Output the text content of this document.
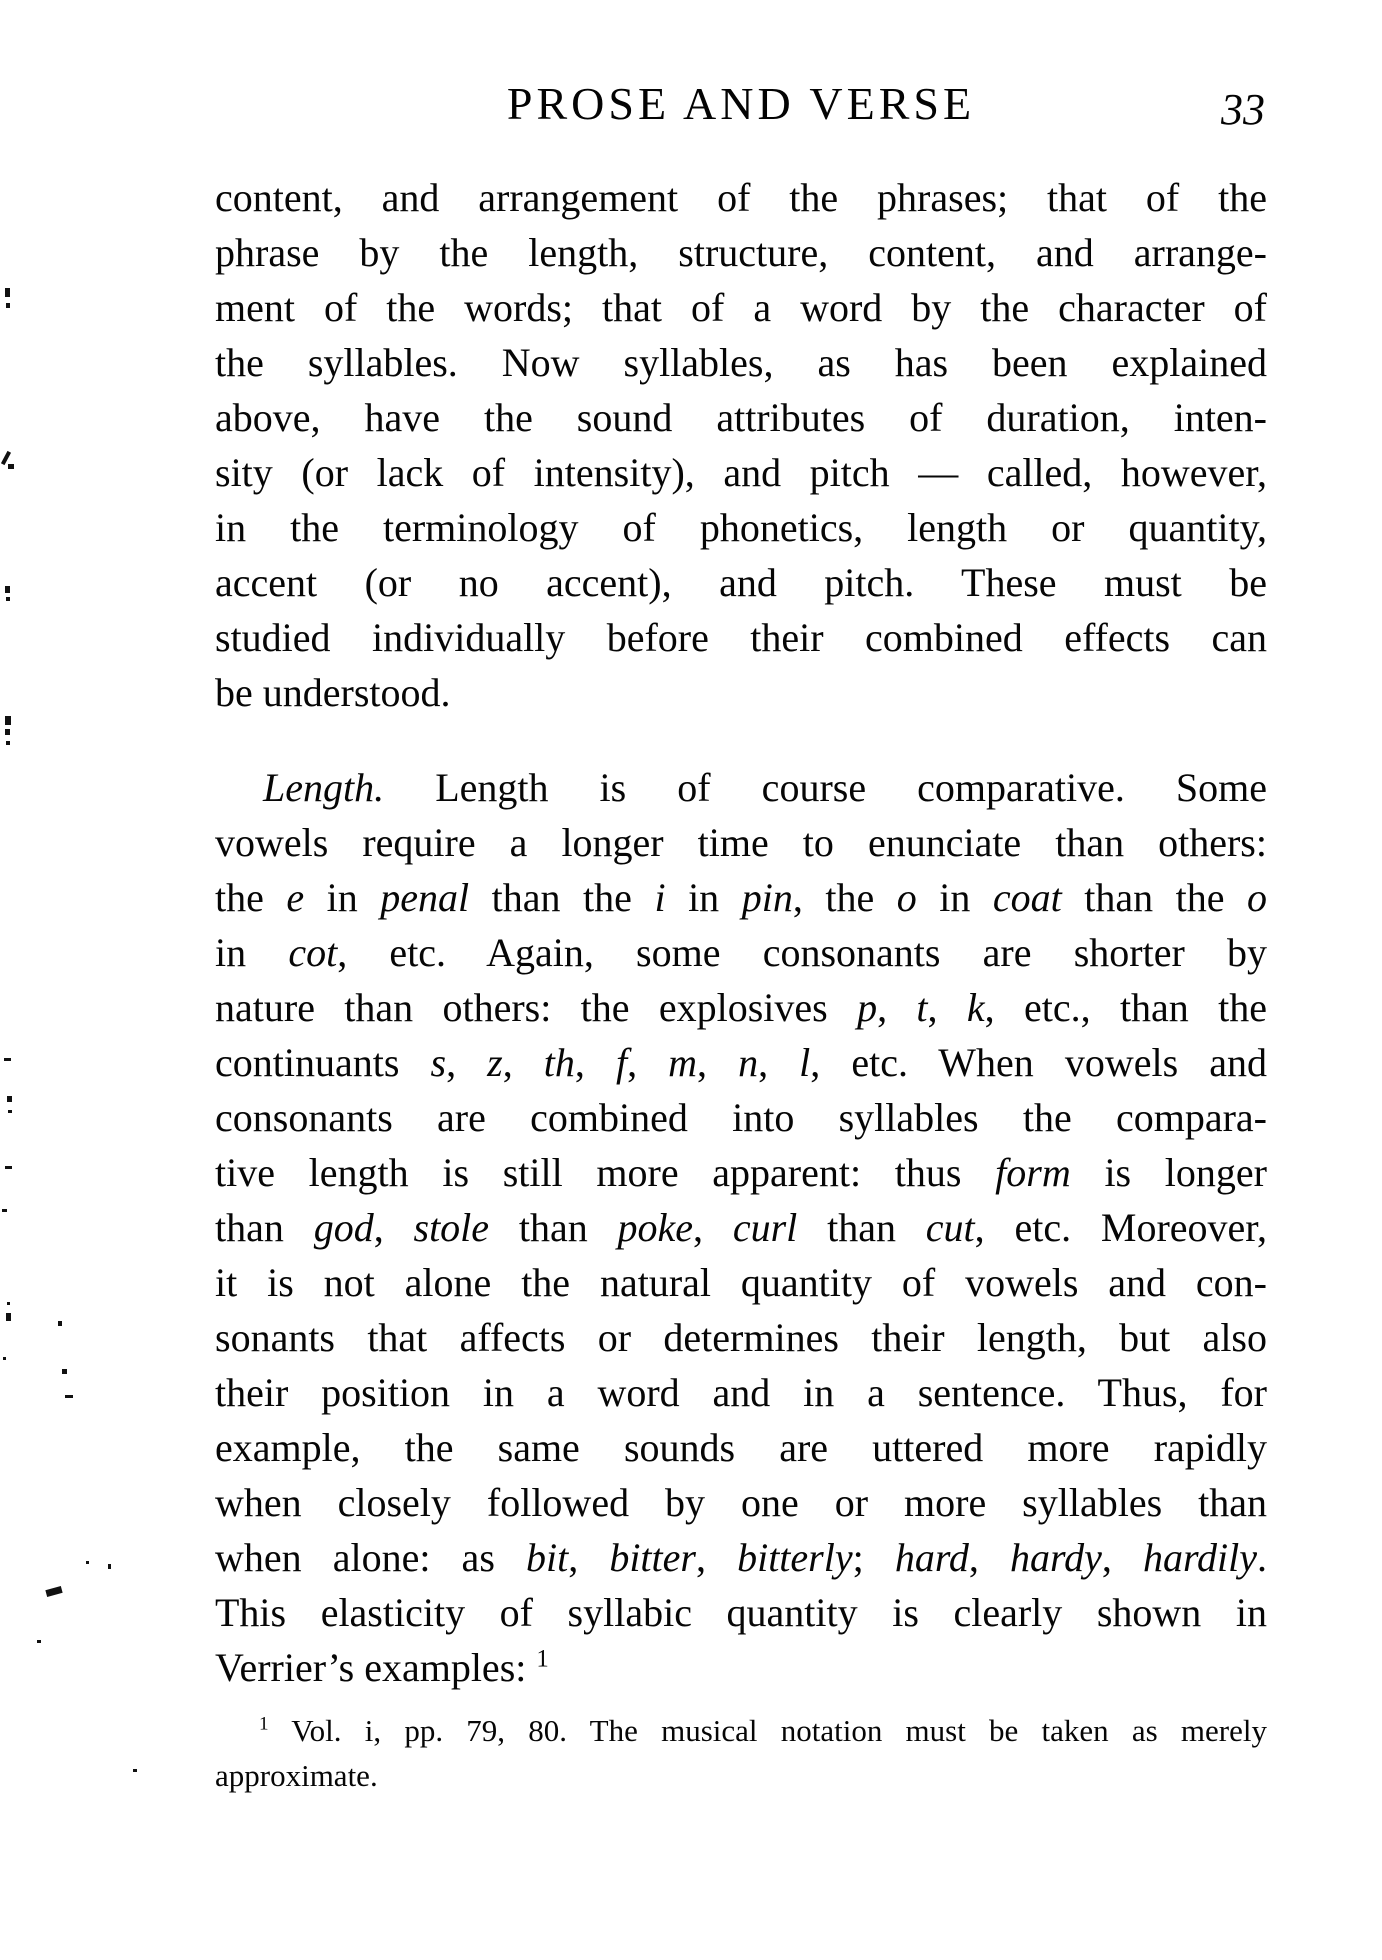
PROSE AND VERSE	33
content, and arrangement of the phrases; that of the
phrase by the length, structure, content, and arrange-
ment of the words; that of a word by the character of
the syllables. Now syllables, as has been explained
above, have the sound attributes of duration, inten-
sity (or lack of intensity), and pitch — called, however,
in the terminology of phonetics, length or quantity,
accent (or no accent), and pitch. These must be
studied individually before their combined effects can
be understood.
Length. Length is of course comparative. Some
vowels require a longer time to enunciate than others:
the e in penal than the i in pin, the o in coat than the o
in cot, etc. Again, some consonants are shorter by
nature than others: the explosives p, t, k, etc., than the
continuants s, z, th, f, m, n, l, etc. When vowels and
consonants are combined into syllables the compara-
tive length is still more apparent: thus form is longer
than god, stole than poke, curl than cut, etc. Moreover,
it is not alone the natural quantity of vowels and con-
sonants that affects or determines their length, but also
their position in a word and in a sentence. Thus, for
example, the same sounds are uttered more rapidly
when closely followed by one or more syllables than
when alone: as bit, bitter, bitterly; hard, hardy, hardily.
This elasticity of syllabic quantity is clearly shown in
Verrier’s examples: $^1$
$^1$ Vol. i, pp. 79, 80. The musical notation must be taken as merely
approximate.
